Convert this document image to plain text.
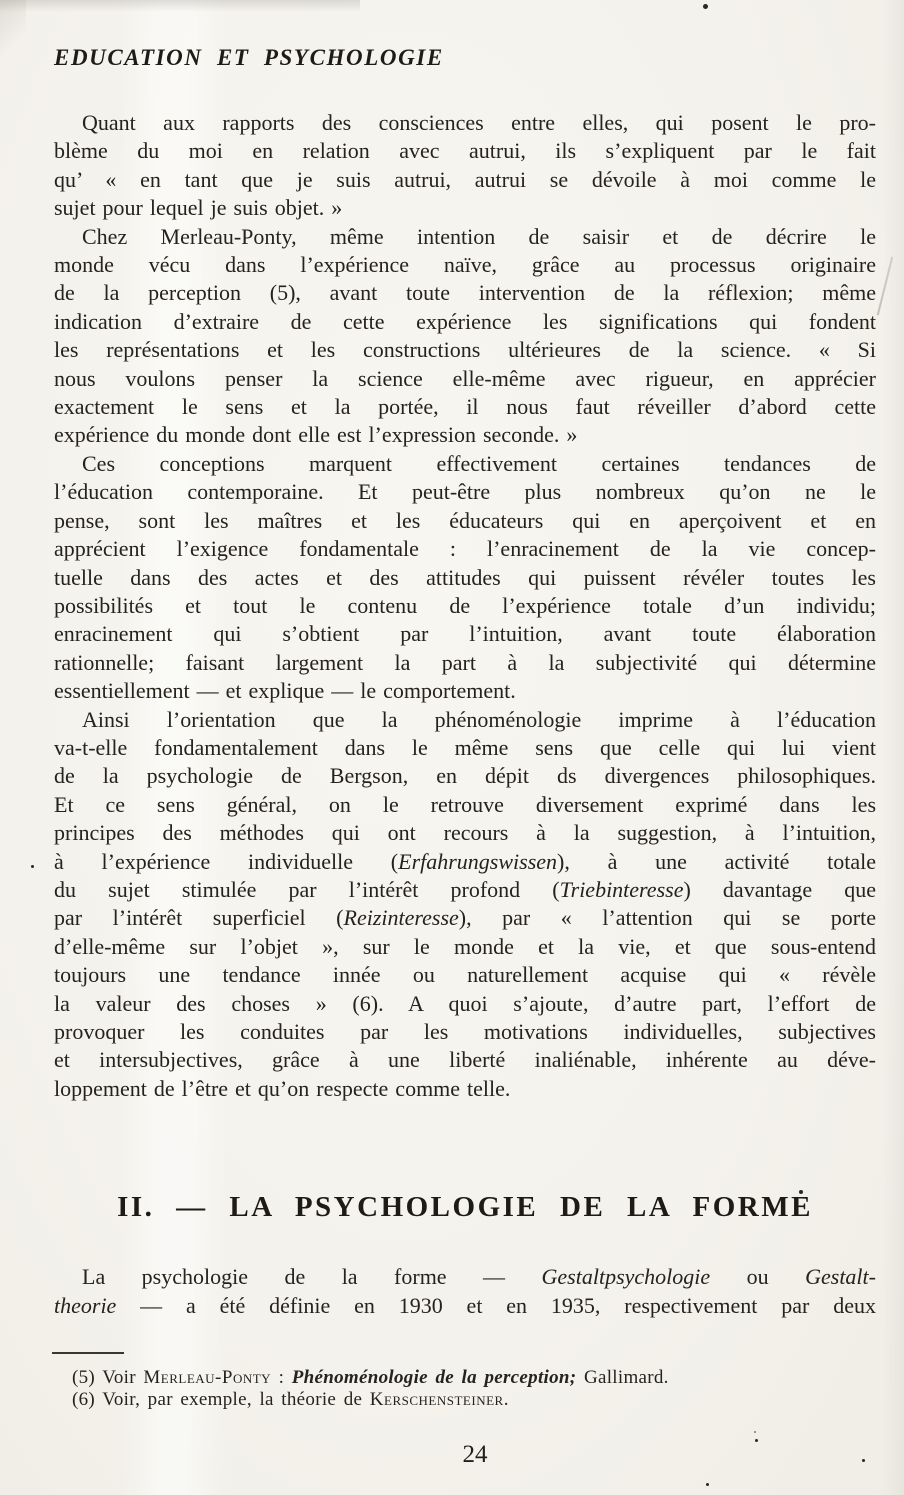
EDUCATION ET PSYCHOLOGIE
Quant aux rapports des consciences entre elles, qui posent le pro-
blème du moi en relation avec autrui, ils s’expliquent par le fait
qu’ « en tant que je suis autrui, autrui se dévoile à moi comme le
sujet pour lequel je suis objet. »
Chez Merleau-Ponty, même intention de saisir et de décrire le
monde vécu dans l’expérience naïve, grâce au processus originaire
de la perception (5), avant toute intervention de la réflexion; même
indication d’extraire de cette expérience les significations qui fondent
les représentations et les constructions ultérieures de la science. « Si
nous voulons penser la science elle-même avec rigueur, en apprécier
exactement le sens et la portée, il nous faut réveiller d’abord cette
expérience du monde dont elle est l’expression seconde. »
Ces conceptions marquent effectivement certaines tendances de
l’éducation contemporaine. Et peut-être plus nombreux qu’on ne le
pense, sont les maîtres et les éducateurs qui en aperçoivent et en
apprécient l’exigence fondamentale : l’enracinement de la vie concep-
tuelle dans des actes et des attitudes qui puissent révéler toutes les
possibilités et tout le contenu de l’expérience totale d’un individu;
enracinement qui s’obtient par l’intuition, avant toute élaboration
rationnelle; faisant largement la part à la subjectivité qui détermine
essentiellement — et explique — le comportement.
Ainsi l’orientation que la phénoménologie imprime à l’éducation
va-t-elle fondamentalement dans le même sens que celle qui lui vient
de la psychologie de Bergson, en dépit ds divergences philosophiques.
Et ce sens général, on le retrouve diversement exprimé dans les
principes des méthodes qui ont recours à la suggestion, à l’intuition,
à l’expérience individuelle (Erfahrungswissen), à une activité totale
du sujet stimulée par l’intérêt profond (Triebinteresse) davantage que
par l’intérêt superficiel (Reizinteresse), par « l’attention qui se porte
d’elle-même sur l’objet », sur le monde et la vie, et que sous-entend
toujours une tendance innée ou naturellement acquise qui « révèle
la valeur des choses » (6). A quoi s’ajoute, d’autre part, l’effort de
provoquer les conduites par les motivations individuelles, subjectives
et intersubjectives, grâce à une liberté inaliénable, inhérente au déve-
loppement de l’être et qu’on respecte comme telle.
II. — LA PSYCHOLOGIE DE LA FORME
La psychologie de la forme — Gestaltpsychologie ou Gestalt-
theorie — a été définie en 1930 et en 1935, respectivement par deux
(5) Voir Merleau-Ponty : Phénoménologie de la perception; Gallimard.
(6) Voir, par exemple, la théorie de Kerschensteiner.
24
